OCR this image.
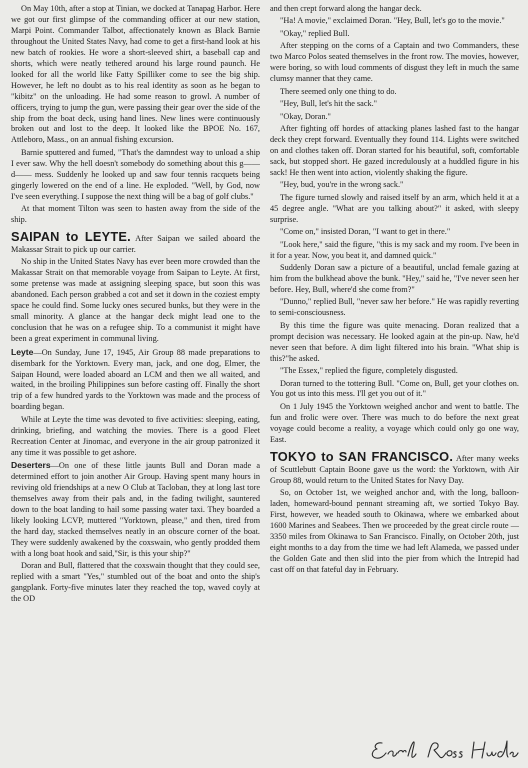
On May 10th, after a stop at Tinian, we docked at Tanapag Harbor. Here we got our first glimpse of the commanding officer at our new station, Marpi Point. Commander Talbot, affectionately known as Black Barnie throughout the United States Navy, had come to get a first-hand look at his new batch of rookies. He wore a short-sleeved shirt, a baseball cap and shorts, which were neatly tethered around his large round paunch. He looked for all the world like Fatty Spilliker come to see the big ship. However, he left no doubt as to his real identity as soon as he began to "kibitz" on the unloading. He had some reason to growl. A number of officers, trying to jump the gun, were passing their gear over the side of the ship from the boat deck, using hand lines. New lines were continuously broken out and lost to the deep. It looked like the BPOE No. 167, Attleboro, Mass., on an annual fishing excursion.

Barnie sputtered and fumed, "That's the damndest way to unload a ship I ever saw. Why the hell doesn't somebody do something about this g—— d—— mess. Suddenly he looked up and saw four tennis racquets being gingerly lowered on the end of a line. He exploded. "Well, by God, now I've seen everything. I suppose the next thing will be a bag of golf clubs."

At that moment Tilton was seen to hasten away from the side of the ship.

SAIPAN to LEYTE. After Saipan we sailed aboard the Makassar Strait to pick up our carrier.

No ship in the United States Navy has ever been more crowded than the Makassar Strait on that memorable voyage from Saipan to Leyte. At first, some pretense was made at assigning sleeping space, but soon this was abandoned. Each person grabbed a cot and set it down in the coziest empty space he could find. Some lucky ones secured bunks, but they were in the small minority. A glance at the hangar deck might lead one to the conclusion that he was on a refugee ship. To a communist it might have been a great experiment in communal living.

Leyte—On Sunday, June 17, 1945, Air Group 88 made preparations to disembark for the Yorktown. Every man, jack, and one dog, Elmer, the Saipan Hound, were loaded aboard an LCM and then we all waited, and waited, in the broiling Philippines sun before casting off. Finally the short trip of a few hundred yards to the Yorktown was made and the process of boarding began.

While at Leyte the time was devoted to five activities: sleeping, eating, drinking, briefing, and watching the movies. There is a good Fleet Recreation Center at Jinomac, and everyone in the air group patronized it any time it was possible to get ashore.

Deserters—On one of these little jaunts Bull and Doran made a determined effort to join another Air Group. Having spent many hours in reviving old friendships at a new O Club at Tacloban, they at long last tore themselves away from their pals and, in the fading twilight, sauntered down to the boat landing to hail some passing water taxi. They boarded a likely looking LCVP, muttered "Yorktown, please," and then, tired from the hard day, stacked themselves neatly in an obscure corner of the boat. They were suddenly awakened by the coxswain, who gently prodded them with a long boat hook and said,"Sir, is this your ship?"

Doran and Bull, flattered that the coxswain thought that they could see, replied with a smart "Yes," stumbled out of the boat and onto the ship's gangplank. Forty-five minutes later they reached the top, waved coyly at the OD

and then crept forward along the hangar deck.

"Ha! A movie," exclaimed Doran. "Hey, Bull, let's go to the movie."

"Okay," replied Bull.

After stepping on the corns of a Captain and two Commanders, these two Marco Polos seated themselves in the front row. The movies, however, were boring, so with loud comments of disgust they left in much the same clumsy manner that they came.

There seemed only one thing to do.

"Hey, Bull, let's hit the sack."

"Okay, Doran."

After fighting off hordes of attacking planes lashed fast to the hangar deck they crept forward. Eventually they found 114. Lights were switched on and clothes taken off. Doran started for his beautiful, soft, comfortable sack, but stopped short. He gazed incredulously at a huddled figure in his sack! He then went into action, violently shaking the figure.

"Hey, bud, you're in the wrong sack."

The figure turned slowly and raised itself by an arm, which held it at a 45 degree angle. "What are you talking about?" it asked, with sleepy surprise.

"Come on," insisted Doran, "I want to get in there."

"Look here," said the figure, "this is my sack and my room. I've been in it for a year. Now, you beat it, and damned quick."

Suddenly Doran saw a picture of a beautiful, unclad female gazing at him from the bulkhead above the bunk. "Hey," said he, "I've never seen her before. Hey, Bull, where'd she come from?"

"Dunno," replied Bull, "never saw her before." He was rapidly reverting to semi-consciousness.

By this time the figure was quite menacing. Doran realized that a prompt decision was necessary. He looked again at the pin-up. Naw, he'd never seen that before. A dim light filtered into his brain. "What ship is this?"he asked.

"The Essex," replied the figure, completely disgusted.

Doran turned to the tottering Bull. "Come on, Bull, get your clothes on. You got us into this mess. I'll get you out of it."

On 1 July 1945 the Yorktown weighed anchor and went to battle. The fun and frolic were over. There was much to do before the next great voyage could become a reality, a voyage which could only go one way, East.

TOKYO to SAN FRANCISCO. After many weeks of Scuttlebutt Captain Boone gave us the word: the Yorktown, with Air Group 88, would return to the United States for Navy Day.

So, on October 1st, we weighed anchor and, with the long, balloon-laden, homeward-bound pennant streaming aft, we sortied Tokyo Bay. First, however, we headed south to Okinawa, where we embarked about 1600 Marines and Seabees. Then we proceeded by the great circle route —3350 miles from Okinawa to San Francisco. Finally, on October 20th, just eight months to a day from the time we had left Alameda, we passed under the Golden Gate and then slid into the pier from which the Intrepid had cast off on that fateful day in February.
